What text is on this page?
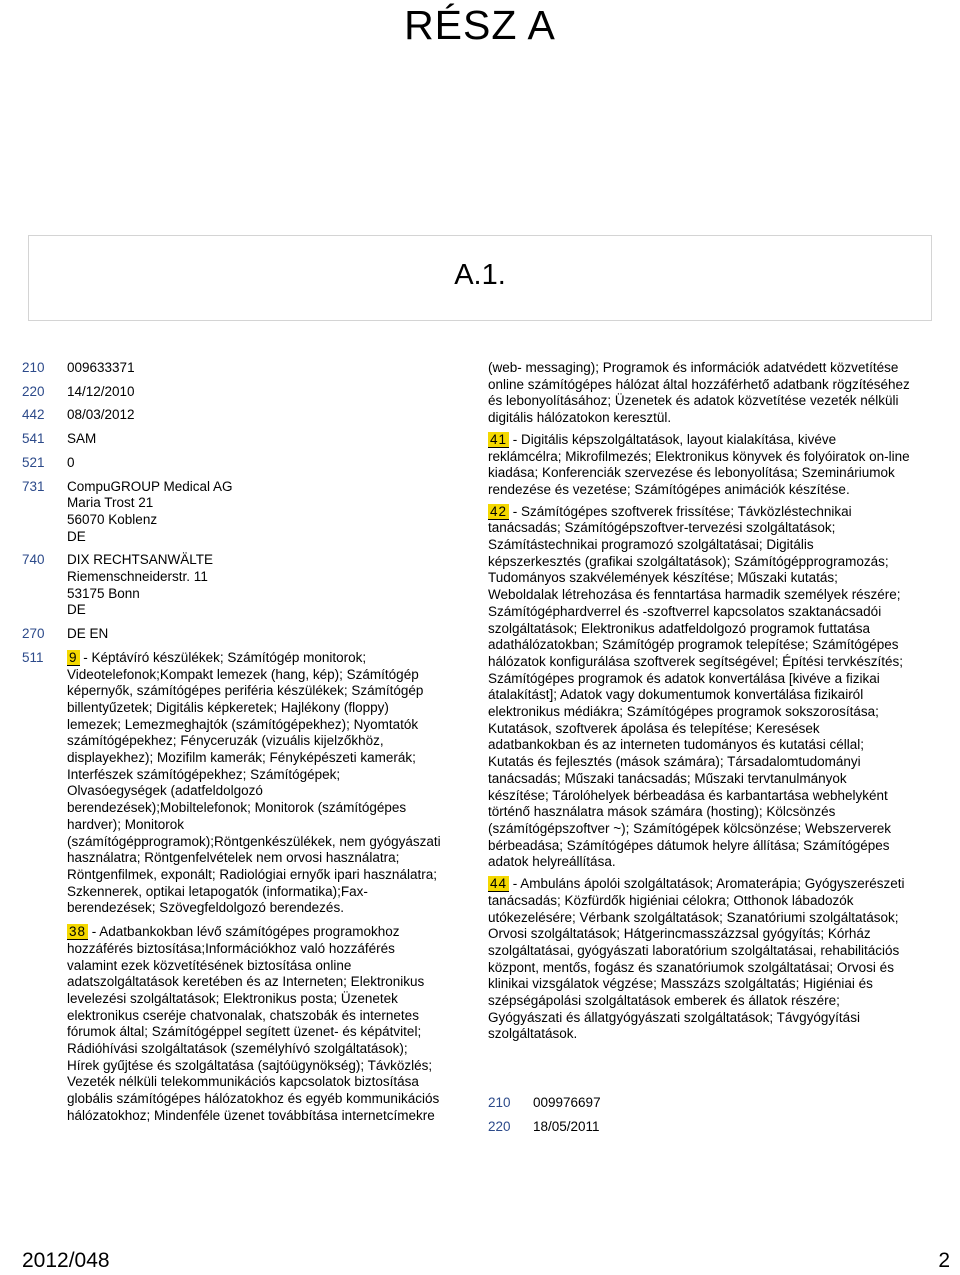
RÉSZ A
A.1.
210	009633371
220	14/12/2010
442	08/03/2012
541	SAM
521	0
731	CompuGROUP Medical AG
Maria Trost 21
56070 Koblenz
DE
740	DIX RECHTSANWÄLTE
Riemenschneiderstr. 11
53175 Bonn
DE
270	DE EN
511	9 - Képtávíró készülékek; Számítógép monitorok; Videotelefonok;Kompakt lemezek (hang, kép); Számítógép képernyők, számítógépes periféria készülékek; Számítógép billentyűzetek; Digitális képkeretek; Hajlékony (floppy) lemezek; Lemezmeghajtók (számítógépekhez); Nyomtatók számítógépekhez; Fényceruzák (vizuális kijelzőkhöz, displayekhez); Mozifilm kamerák; Fényképészeti kamerák; Interfészek számítógépekhez; Számítógépek; Olvasóegységek (adatfeldolgozó berendezések);Mobiltelefonok; Monitorok (számítógépes hardver); Monitorok (számítógépprogramok);Röntgenkészülékek, nem gyógyászati használatra; Röntgenfelvételek nem orvosi használatra; Röntgenfilmek, exponált; Radiológiai ernyők ipari használatra; Szkennerek, optikai letapogatók (informatika);Fax-berendezések; Szövegfeldolgozó berendezés.
38 - Adatbankokban lévő számítógépes programokhoz hozzáférés biztosítása;Információkhoz való hozzáférés valamint ezek közvetítésének biztosítása online adatszolgáltatások keretében és az Interneten; Elektronikus levelezési szolgáltatások; Elektronikus posta; Üzenetek elektronikus cseréje chatvonalak, chatszobák és internetes fórumok által; Számítógéppel segített üzenet- és képátvitel; Rádióhívási szolgáltatások (személyhívó szolgáltatások); Hírek gyűjtése és szolgáltatása (sajtóügynökség); Távközlés; Vezeték nélküli telekommunikációs kapcsolatok biztosítása globális számítógépes hálózatokhoz és egyéb kommunikációs hálózatokhoz; Mindenféle üzenet továbbítása internetcímekre
(web- messaging); Programok és információk adatvédett közvetítése online számítógépes hálózat által hozzáférhető adatbank rögzítéséhez és lebonyolításához; Üzenetek és adatok közvetítése vezeték nélküli digitális hálózatokon keresztül.
41 - Digitális képszolgáltatások, layout kialakítása, kivéve reklámcélra; Mikrofilmezés; Elektronikus könyvek és folyóiratok on-line kiadása; Konferenciák szervezése és lebonyolítása; Szemináriumok rendezése és vezetése; Számítógépes animációk készítése.
42 - Számítógépes szoftverek frissítése; Távközléstechnikai tanácsadás; Számítógépszoftver-tervezési szolgáltatások; Számítástechnikai programozó szolgáltatásai; Digitális képszerkesztés (grafikai szolgáltatások); Számítógépprogramozás; Tudományos szakvélemények készítése; Műszaki kutatás; Weboldalak létrehozása és fenntartása harmadik személyek részére; Számítógéphardverrel és -szoftverrel kapcsolatos szaktanácsadói szolgáltatások; Elektronikus adatfeldolgozó programok futtatása adathálózatokban; Számítógép programok telepítése; Számítógépes hálózatok konfigurálása szoftverek segítségével; Építési tervkészítés; Számítógépes programok és adatok konvertálása [kivéve a fizikai átalakítást]; Adatok vagy dokumentumok konvertálása fizikairól elektronikus médiákra; Számítógépes programok sokszorosítása; Kutatások, szoftverek ápolása és telepítése; Keresések adatbankokban és az interneten tudományos és kutatási céllal; Kutatás és fejlesztés (mások számára); Társadalomtudományi tanácsadás; Műszaki tanácsadás; Műszaki tervtanulmányok készítése; Tárolóhelyek bérbeadása és karbantartása webhelyként történő használatra mások számára (hosting); Kölcsönzés (számítógépszoftver ~); Számítógépek kölcsönzése; Webszerverek bérbeadása; Számítógépes dátumok helyre állítása; Számítógépes adatok helyreállítása.
44 - Ambuláns ápolói szolgáltatások; Aromaterápia; Gyógyszerészeti tanácsadás; Közfürdők higiéniai célokra; Otthonok lábadozók utókezelésére; Vérbank szolgáltatások; Szanatóriumi szolgáltatások; Orvosi szolgáltatások; Hátgerincmasszázzsal gyógyítás; Kórház szolgáltatásai, gyógyászati laboratórium szolgáltatásai, rehabilitációs központ, mentős, fogász és szanatóriumok szolgáltatásai; Orvosi és klinikai vizsgálatok végzése; Masszázs szolgáltatás; Higiéniai és szépségápolási szolgáltatások emberek és állatok részére; Gyógyászati és állatgyógyászati szolgáltatások; Távgyógyítási szolgáltatások.
210	009976697
220	18/05/2011
2012/048	2
